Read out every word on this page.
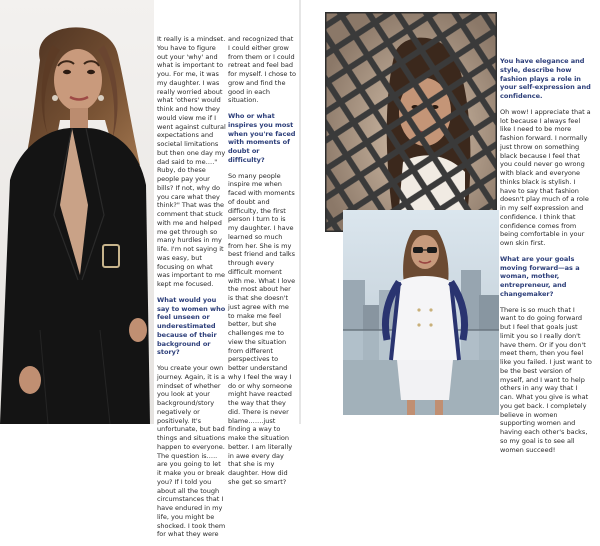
It really is a mindset. You have to figure out your 'why' and what is important to you. For me, it was my daughter. I was really worried about what 'others' would think and how they would view me if I went against cultural expectations and societal limitations but then one day my dad said to me…." Ruby, do these people pay your bills? If not, why do you care what they think?" That was the comment that stuck with me and helped me get through so many hurdles in my life. I'm not saying it was easy, but focusing on what was important to me kept me focused.

What would you say to women who feel unseen or underestimated because of their background or story?

You create your own journey. Again, it is a mindset of whether you look at your background/story negatively or positively. It's unfortunate, but bad things and situations happen to everyone. The question is….. are you going to let it make you or break you? If I told you about all the tough circumstances that I have endured in my life, you might be shocked. I took them for what they were

and recognized that I could either grow from them or I could retreat and feel bad for myself. I chose to grow and find the good in each situation.

Who or what inspires you most when you're faced with moments of doubt or difficulty?

So many people inspire me when faced with moments of doubt and difficulty, the first person I turn to is my daughter. I have learned so much from her. She is my best friend and talks through every difficult moment with me. What I love the most about her is that she doesn't just agree with me to make me feel better, but she challenges me to view the situation from different perspectives to better understand why I feel the way I do or why someone might have reacted the way that they did. There is never blame…….just finding a way to make the situation better. I am literally in awe every day that she is my daughter. How did she get so smart?

You have elegance and style, describe how fashion plays a role in your self-expression and confidence.

Oh wow! I appreciate that a lot because I always feel like I need to be more fashion forward. I normally just throw on something black because I feel that you could never go wrong with black and everyone thinks black is stylish. I have to say that fashion doesn't play much of a role in my self expression and confidence. I think that confidence comes from being comfortable in your own skin first.

What are your goals moving forward—as a woman, mother, entrepreneur, and changemaker?

There is so much that I want to do going forward but I feel that goals just limit you so I really don't have them. Or if you don't meet them, then you feel like you failed. I just want to be the best version of myself, and I want to help others in any way that I can. What you give is what you get back. I completely believe in women supporting women and having each other's backs, so my goal is to see all women succeed!
